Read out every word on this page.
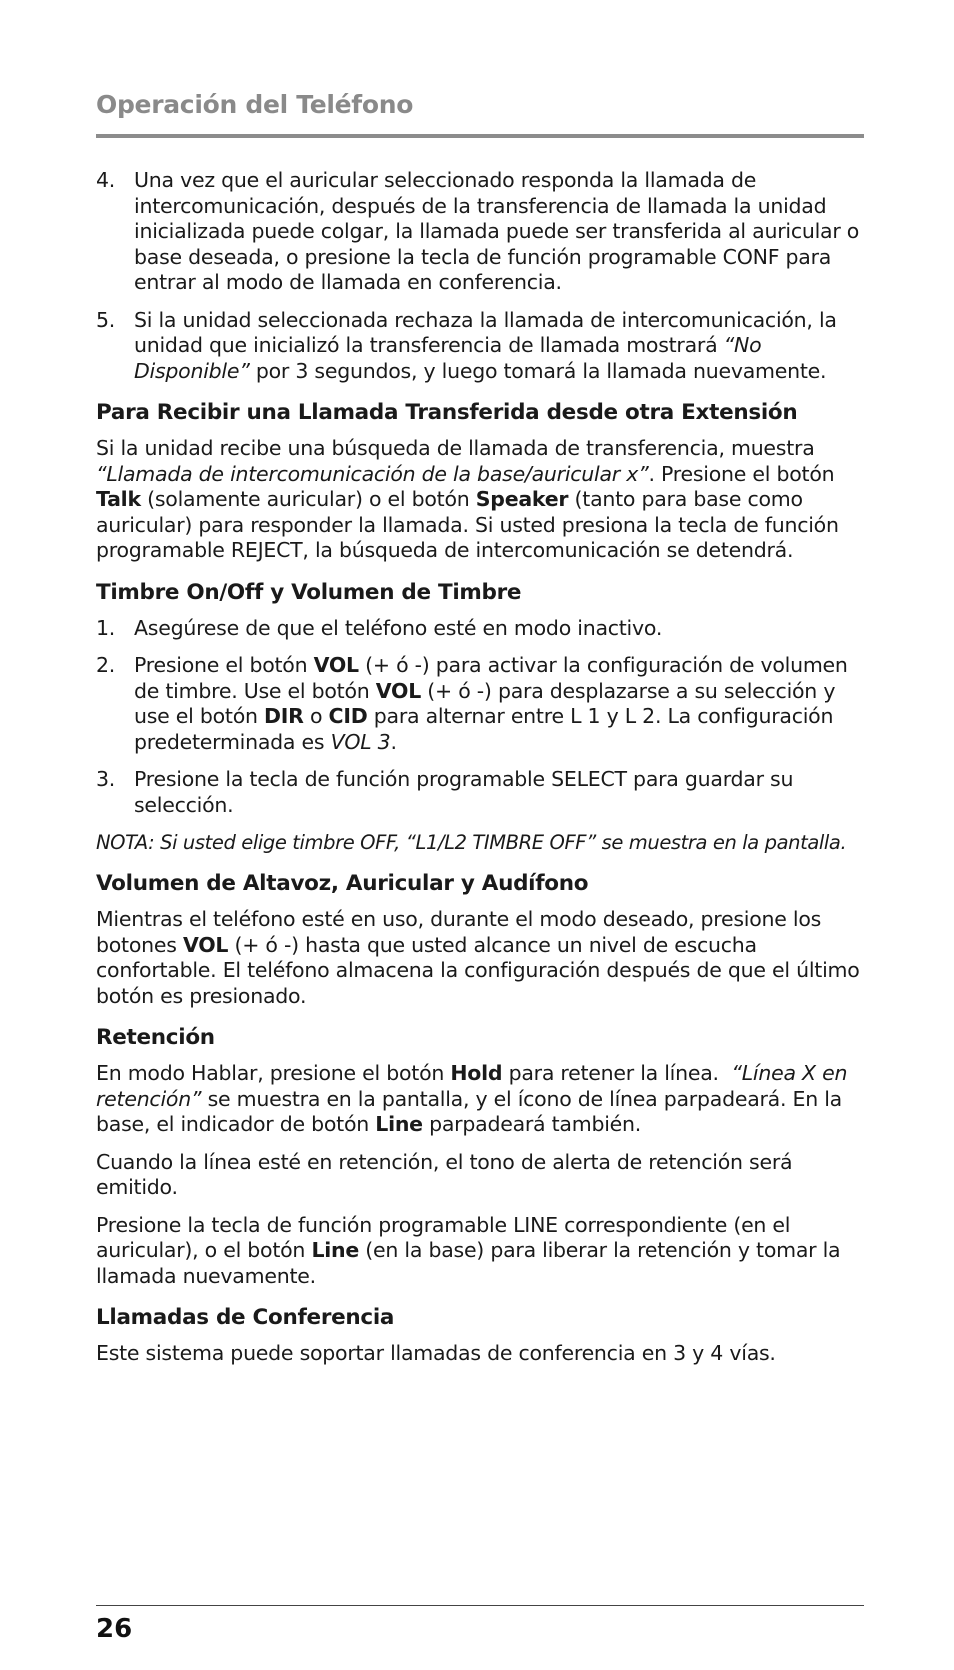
Operación del Teléfono
4. Una vez que el auricular seleccionado responda la llamada de intercomunicación, después de la transferencia de llamada la unidad inicializada puede colgar, la llamada puede ser transferida al auricular o base deseada, o presione la tecla de función programable CONF para entrar al modo de llamada en conferencia.
5. Si la unidad seleccionada rechaza la llamada de intercomunicación, la unidad que inicializó la transferencia de llamada mostrará “No Disponible” por 3 segundos, y luego tomará la llamada nuevamente.
Para Recibir una Llamada Transferida desde otra Extensión

Si la unidad recibe una búsqueda de llamada de transferencia, muestra “Llamada de intercomunicación de la base/auricular x”. Presione el botón Talk (solamente auricular) o el botón Speaker (tanto para base como auricular) para responder la llamada. Si usted presiona la tecla de función programable REJECT, la búsqueda de intercomunicación se detendrá.

Timbre On/Off y Volumen de Timbre
1. Asegúrese de que el teléfono esté en modo inactivo.
2. Presione el botón VOL (+ ó -) para activar la configuración de volumen de timbre. Use el botón VOL (+ ó -) para desplazarse a su selección y use el botón DIR o CID para alternar entre L 1 y L 2. La configuración predeterminada es VOL 3.
3. Presione la tecla de función programable SELECT para guardar su selección.

NOTA: Si usted elige timbre OFF, “L1/L2 TIMBRE OFF” se muestra en la pantalla.

Volumen de Altavoz, Auricular y Audífono

Mientras el teléfono esté en uso, durante el modo deseado, presione los botones VOL (+ ó -) hasta que usted alcance un nivel de escucha confortable. El teléfono almacena la configuración después de que el último botón es presionado.

Retención

En modo Hablar, presione el botón Hold para retener la línea.  “Línea X en retención” se muestra en la pantalla, y el ícono de línea parpadeará. En la base, el indicador de botón Line parpadeará también.

Cuando la línea esté en retención, el tono de alerta de retención será emitido.

Presione la tecla de función programable LINE correspondiente (en el auricular), o el botón Line (en la base) para liberar la retención y tomar la llamada nuevamente.

Llamadas de Conferencia

Este sistema puede soportar llamadas de conferencia en 3 y 4 vías.

26
